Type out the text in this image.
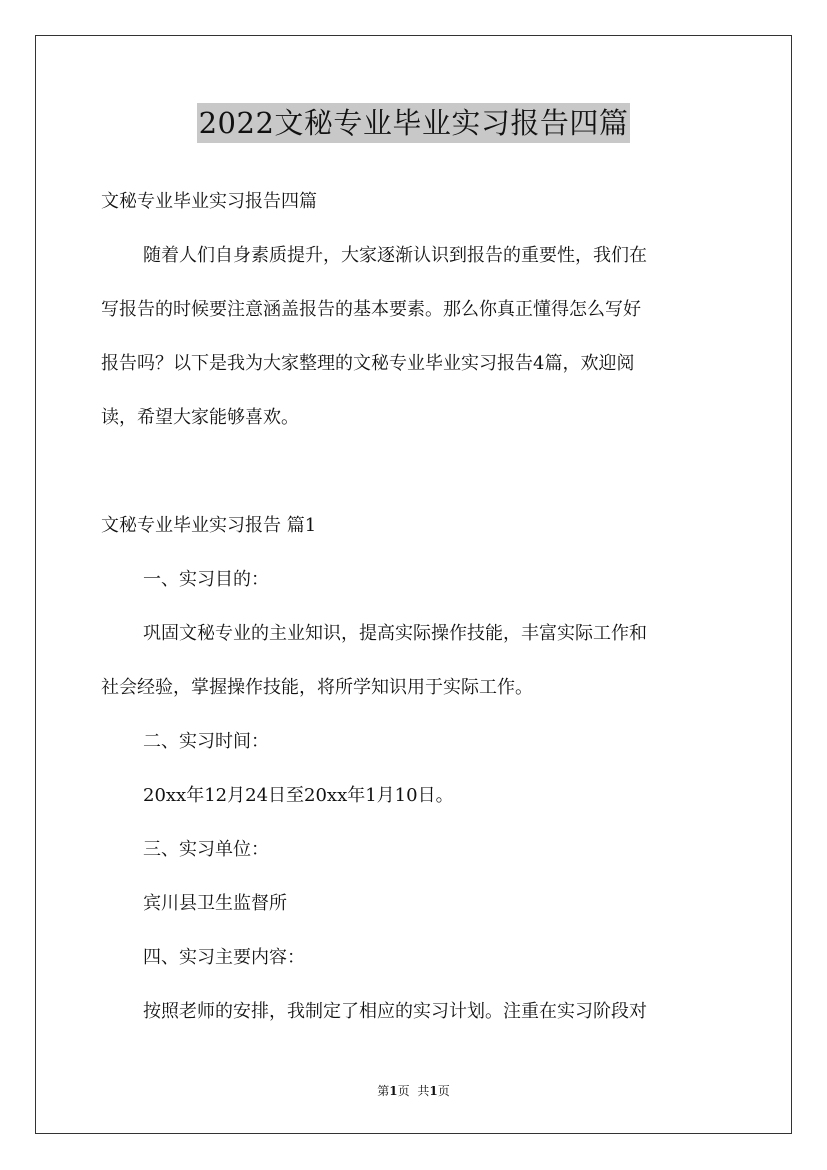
2022文秘专业毕业实习报告四篇

文秘专业毕业实习报告四篇

随着人们自身素质提升，大家逐渐认识到报告的重要性，我们在

写报告的时候要注意涵盖报告的基本要素。那么你真正懂得怎么写好

报告吗？以下是我为大家整理的文秘专业毕业实习报告4篇，欢迎阅

读，希望大家能够喜欢。

文秘专业毕业实习报告 篇1

一、实习目的：

巩固文秘专业的主业知识，提高实际操作技能，丰富实际工作和

社会经验，掌握操作技能，将所学知识用于实际工作。

二、实习时间：

20xx年12月24日至20xx年1月10日。

三、实习单位：

宾川县卫生监督所

四、实习主要内容：

按照老师的安排，我制定了相应的实习计划。注重在实习阶段对

第1页 共1页
